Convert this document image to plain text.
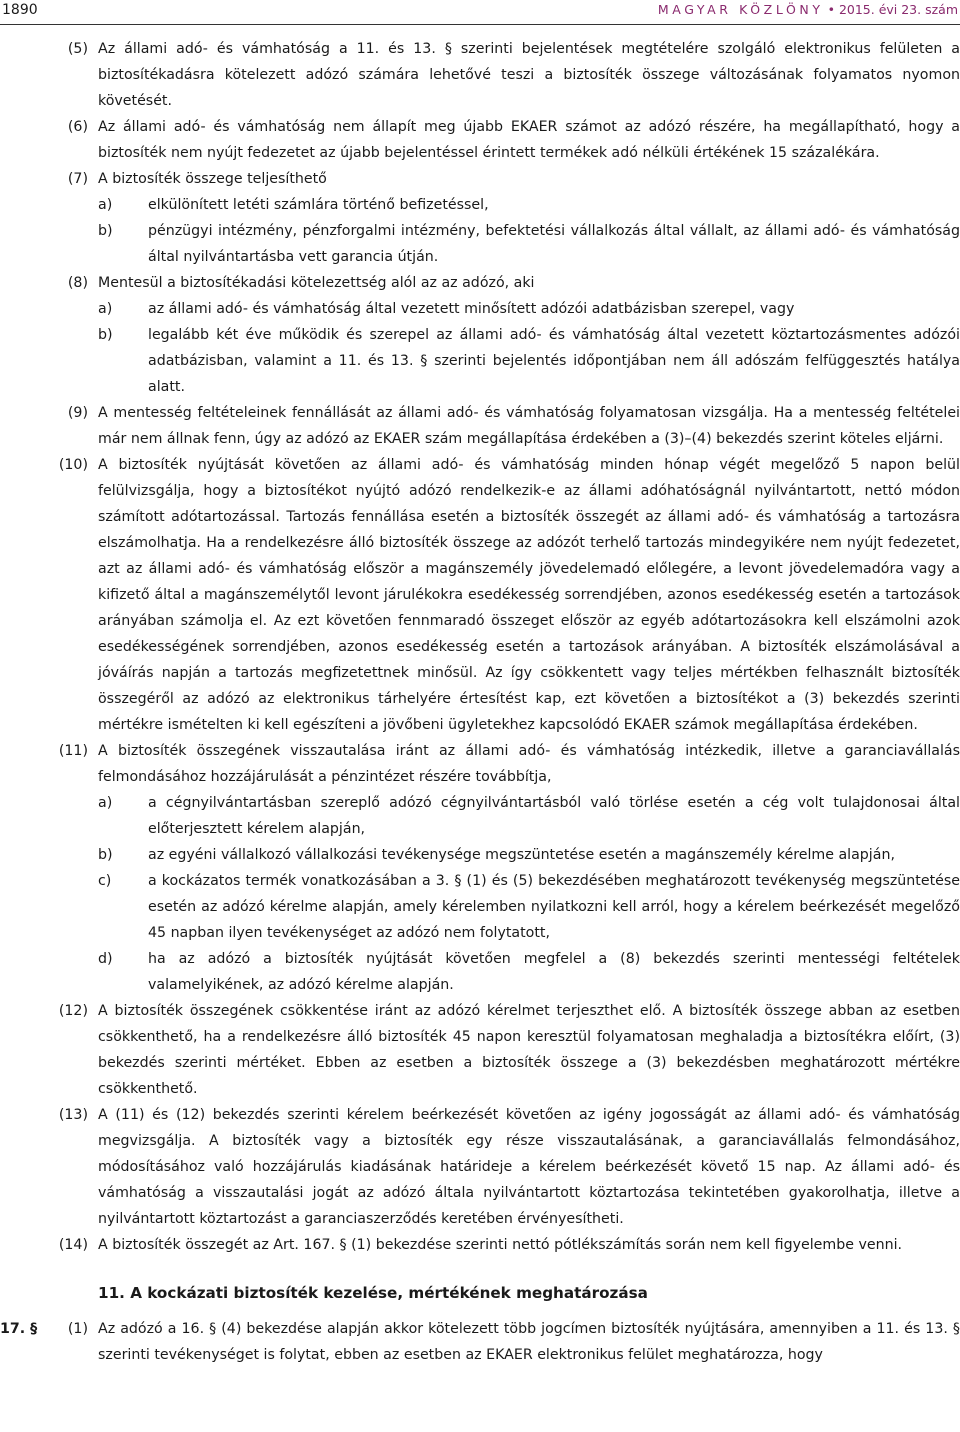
1890	MAGYAR KÖZLÖNY • 2015. évi 23. szám
(5) Az állami adó- és vámhatóság a 11. és 13. § szerinti bejelentések megtételére szolgáló elektronikus felületen a biztosítékadásra kötelezett adózó számára lehetővé teszi a biztosíték összege változásának folyamatos nyomon követését.
(6) Az állami adó- és vámhatóság nem állapít meg újabb EKAER számot az adózó részére, ha megállapítható, hogy a biztosíték nem nyújt fedezetet az újabb bejelentéssel érintett termékek adó nélküli értékének 15 százalékára.
(7) A biztosíték összege teljesíthető
a)	elkülönített letéti számlára történő befizetéssel,
b) pénzügyi intézmény, pénzforgalmi intézmény, befektetési vállalkozás által vállalt, az állami adó- és vámhatóság által nyilvántartásba vett garancia útján.
(8) Mentesül a biztosítékadási kötelezettség alól az az adózó, aki
a)	az állami adó- és vámhatóság által vezetett minősített adózói adatbázisban szerepel, vagy
b) legalább két éve működik és szerepel az állami adó- és vámhatóság által vezetett köztartozásmentes adózói adatbázisban, valamint a 11. és 13. § szerinti bejelentés időpontjában nem áll adószám felfüggesztés hatálya alatt.
(9) A mentesség feltételeinek fennállását az állami adó- és vámhatóság folyamatosan vizsgálja. Ha a mentesség feltételei már nem állnak fenn, úgy az adózó az EKAER szám megállapítása érdekében a (3)–(4) bekezdés szerint köteles eljárni.
(10) A biztosíték nyújtását követően az állami adó- és vámhatóság minden hónap végét megelőző 5 napon belül felülvizsgálja, hogy a biztosítékot nyújtó adózó rendelkezik-e az állami adóhatóságnál nyilvántartott, nettó módon számított adótartozással. Tartozás fennállása esetén a biztosíték összegét az állami adó- és vámhatóság a tartozásra elszámolhatja. Ha a rendelkezésre álló biztosíték összege az adózót terhelő tartozás mindegyikére nem nyújt fedezetet, azt az állami adó- és vámhatóság először a magánszemély jövedelemadó előlegére, a levont jövedelemadóra vagy a kifizető által a magánszemélytől levont járulékokra esedékesség sorrendjében, azonos esedékesség esetén a tartozások arányában számolja el. Az ezt követően fennmaradó összeget először az egyéb adótartozásokra kell elszámolni azok esedékességének sorrendjében, azonos esedékesség esetén a tartozások arányában. A biztosíték elszámolásával a jóváírás napján a tartozás megfizetettnek minősül. Az így csökkentett vagy teljes mértékben felhasznált biztosíték összegéről az adózó az elektronikus tárhelyére értesítést kap, ezt követően a biztosítékot a (3) bekezdés szerinti mértékre ismételten ki kell egészíteni a jövőbeni ügyletekhez kapcsolódó EKAER számok megállapítása érdekében.
(11) A biztosíték összegének visszautalása iránt az állami adó- és vámhatóság intézkedik, illetve a garanciavállalás felmondásához hozzájárulását a pénzintézet részére továbbítja,
a)	a cégnyilvántartásban szereplő adózó cégnyilvántartásból való törlése esetén a cég volt tulajdonosai által előterjesztett kérelem alapján,
b) az egyéni vállalkozó vállalkozási tevékenysége megszüntetése esetén a magánszemély kérelme alapján,
c)	a kockázatos termék vonatkozásában a 3. § (1) és (5) bekezdésében meghatározott tevékenység megszüntetése esetén az adózó kérelme alapján, amely kérelemben nyilatkozni kell arról, hogy a kérelem beérkezését megelőző 45 napban ilyen tevékenységet az adózó nem folytatott,
d) ha az adózó a biztosíték nyújtását követően megfelel a (8) bekezdés szerinti mentességi feltételek valamelyikének, az adózó kérelme alapján.
(12) A biztosíték összegének csökkentése iránt az adózó kérelmet terjeszthet elő. A biztosíték összege abban az esetben csökkenthető, ha a rendelkezésre álló biztosíték 45 napon keresztül folyamatosan meghaladja a biztosítékra előírt, (3) bekezdés szerinti mértéket. Ebben az esetben a biztosíték összege a (3) bekezdésben meghatározott mértékre csökkenthető.
(13) A (11) és (12) bekezdés szerinti kérelem beérkezését követően az igény jogosságát az állami adó- és vámhatóság megvizsgálja. A biztosíték vagy a biztosíték egy része visszautalásának, a garanciavállalás felmondásához, módosításához való hozzájárulás kiadásának határideje a kérelem beérkezését követő 15 nap. Az állami adó- és vámhatóság a visszautalási jogát az adózó általa nyilvántartott köztartozása tekintetében gyakorolhatja, illetve a nyilvántartott köztartozást a garanciaszerződés keretében érvényesítheti.
(14) A biztosíték összegét az Art. 167. § (1) bekezdése szerinti nettó pótlékszámítás során nem kell figyelembe venni.
11. A kockázati biztosíték kezelése, mértékének meghatározása
17. §	(1) Az adózó a 16. § (4) bekezdése alapján akkor kötelezett több jogcímen biztosíték nyújtására, amennyiben a 11. és 13. § szerinti tevékenységet is folytat, ebben az esetben az EKAER elektronikus felület meghatározza, hogy
